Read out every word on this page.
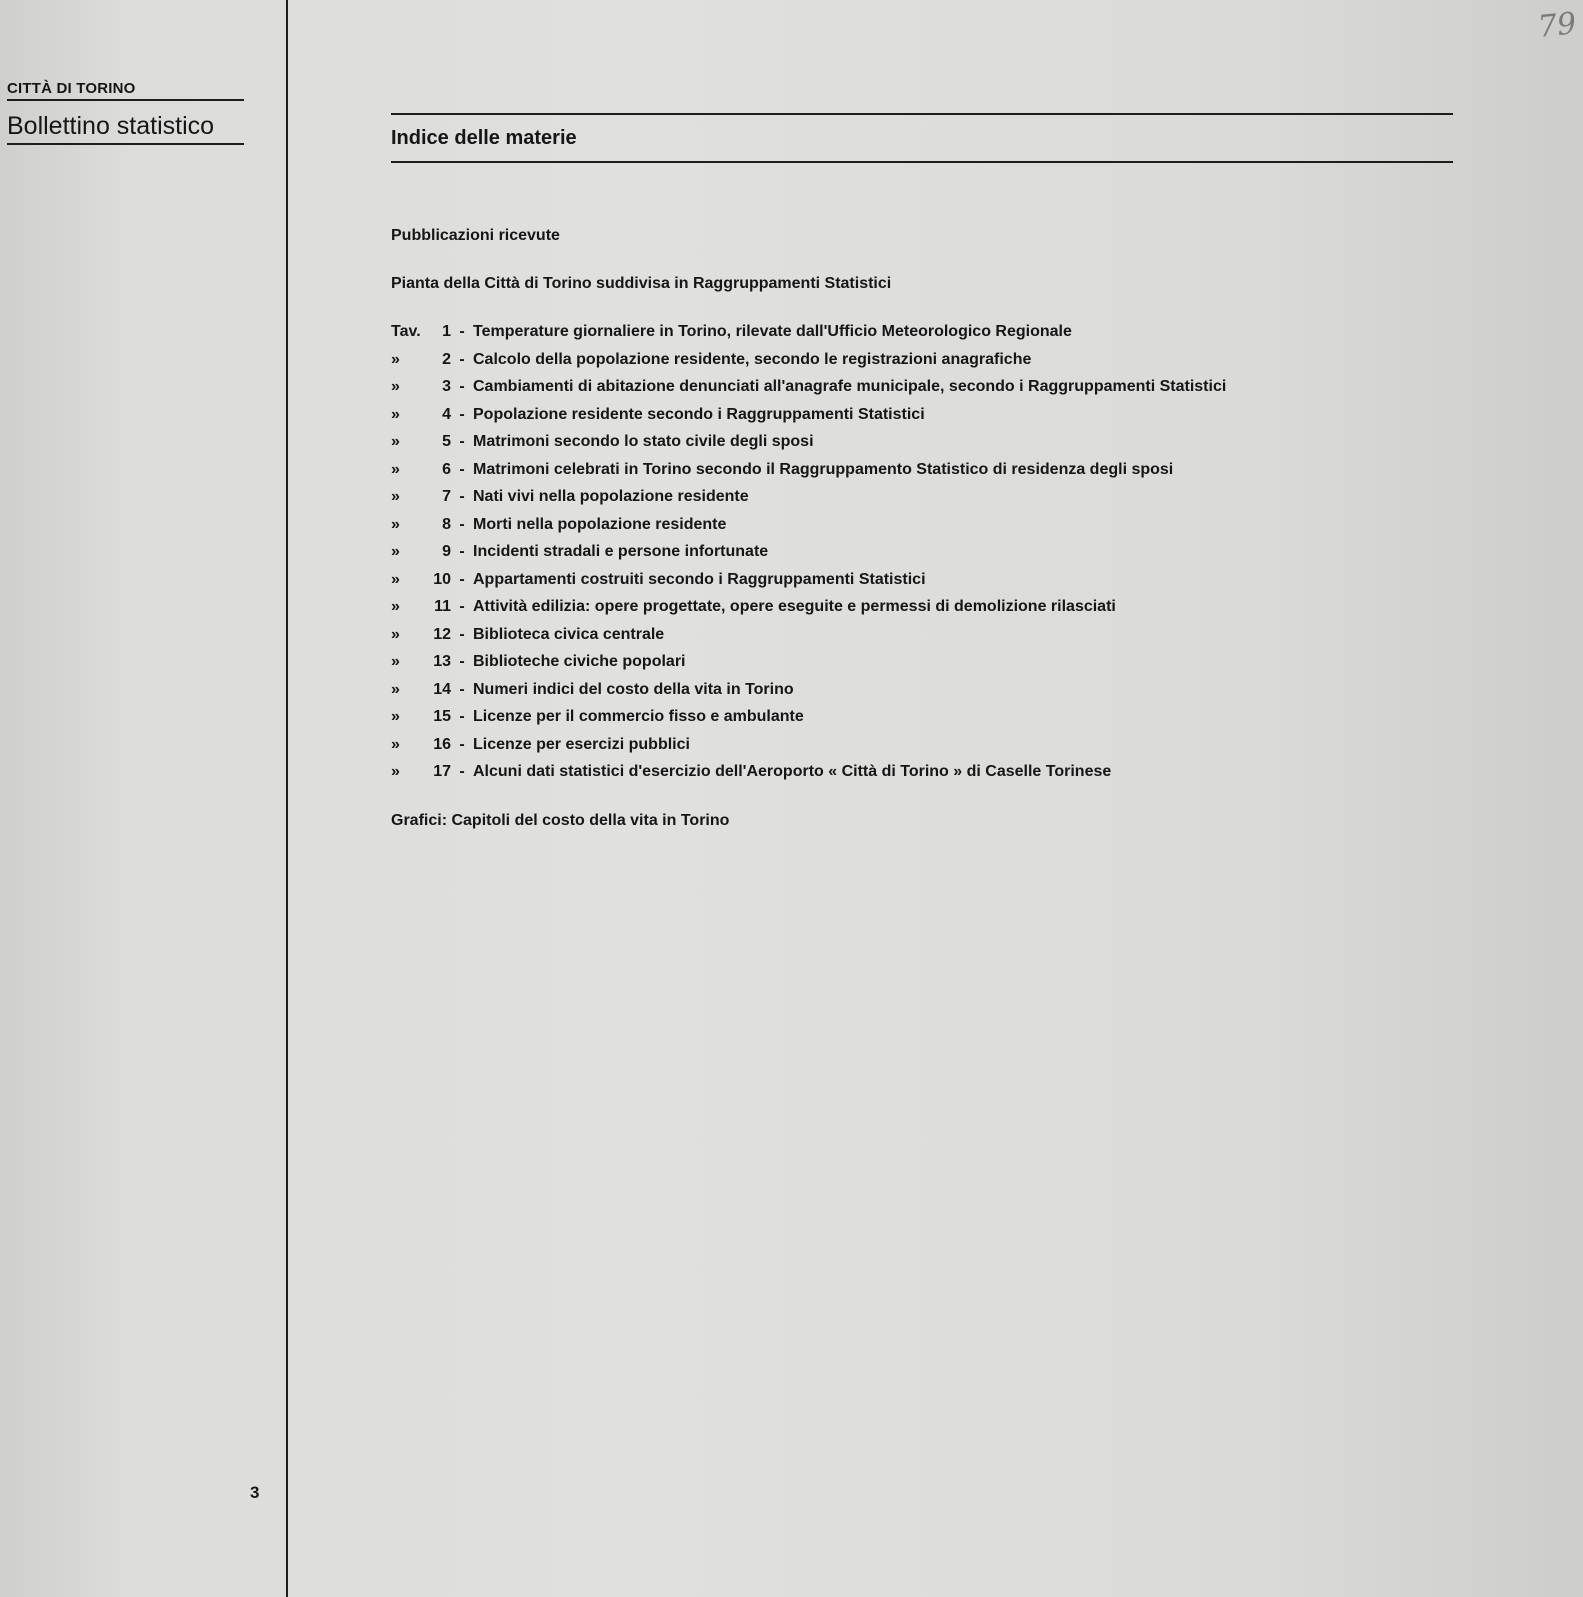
CITTÀ DI TORINO
Bollettino statistico
3
79
Indice delle materie
Pubblicazioni ricevute
Pianta della Città di Torino suddivisa in Raggruppamenti Statistici
Tav.	1 - Temperature giornaliere in Torino, rilevate dall'Ufficio Meteorologico Regionale
»	2 - Calcolo della popolazione residente, secondo le registrazioni anagrafiche
»	3 - Cambiamenti di abitazione denunciati all'anagrafe municipale, secondo i Raggruppamenti Statistici
»	4 - Popolazione residente secondo i Raggruppamenti Statistici
»	5 - Matrimoni secondo lo stato civile degli sposi
»	6 - Matrimoni celebrati in Torino secondo il Raggruppamento Statistico di residenza degli sposi
»	7 - Nati vivi nella popolazione residente
»	8 - Morti nella popolazione residente
»	9 - Incidenti stradali e persone infortunate
»	10 - Appartamenti costruiti secondo i Raggruppamenti Statistici
»	11 - Attività edilizia: opere progettate, opere eseguite e permessi di demolizione rilasciati
»	12 - Biblioteca civica centrale
»	13 - Biblioteche civiche popolari
»	14 - Numeri indici del costo della vita in Torino
»	15 - Licenze per il commercio fisso e ambulante
»	16 - Licenze per esercizi pubblici
»	17 - Alcuni dati statistici d'esercizio dell'Aeroporto « Città di Torino » di Caselle Torinese
Grafici: Capitoli del costo della vita in Torino
